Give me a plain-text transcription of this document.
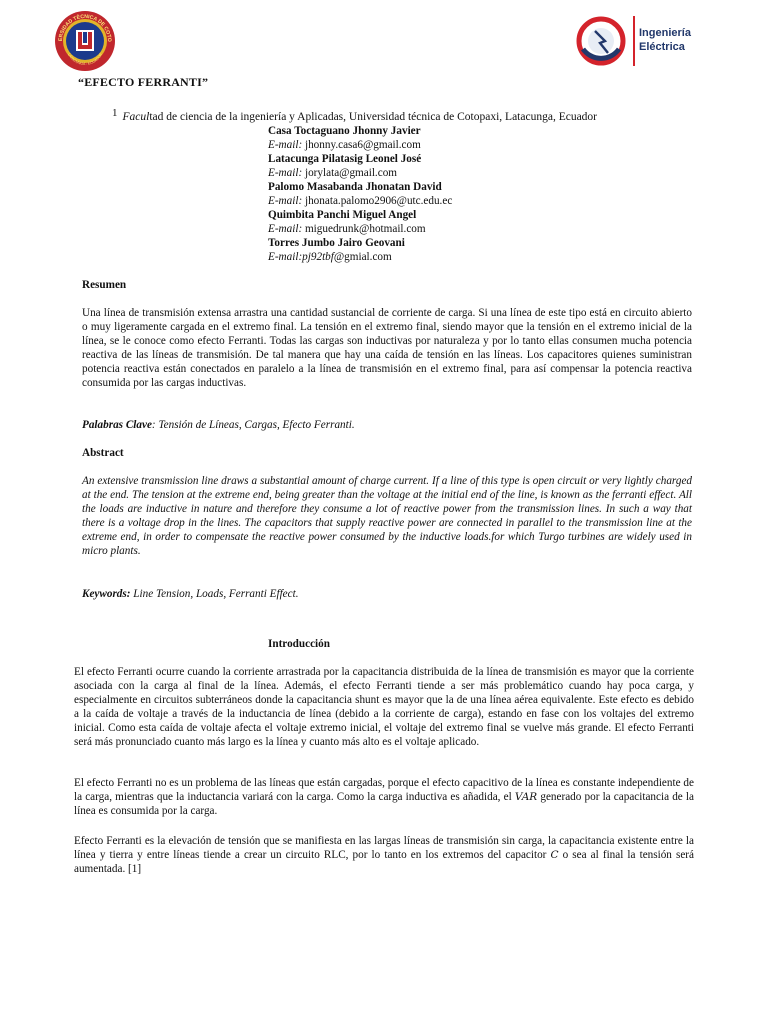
ERSIDAD TÉCNICA DE COTO
LATACUNGA - ECUADOR
Ingeniería
Eléctrica
“EFECTO FERRANTI”
$^1$ Facultad de ciencia de la ingeniería y Aplicadas, Universidad técnica de Cotopaxi, Latacunga, Ecuador
Casa Toctaguano Jhonny Javier
E-mail: jhonny.casa6@gmail.com
Latacunga Pilatasig Leonel José
E-mail: jorylata@gmail.com
Palomo Masabanda Jhonatan David
E-mail: jhonata.palomo2906@utc.edu.ec
Quimbita Panchi Miguel Angel
E-mail: miguedrunk@hotmail.com
Torres Jumbo Jairo Geovani
E-mail:pj92tbf@gmial.com
Resumen
Una línea de transmisión extensa arrastra una cantidad sustancial de corriente de carga. Si una línea de este tipo está en circuito abierto o muy ligeramente cargada en el extremo final. La tensión en el extremo final, siendo mayor que la tensión en el extremo inicial de la línea, se le conoce como efecto Ferranti. Todas las cargas son inductivas por naturaleza y por lo tanto ellas consumen mucha potencia reactiva de las líneas de transmisión. De tal manera que hay una caída de tensión en las líneas. Los capacitores quienes suministran potencia reactiva están conectados en paralelo a la línea de transmisión en el extremo final, para así compensar la potencia reactiva consumida por las cargas inductivas.
Palabras Clave: Tensión de Líneas, Cargas, Efecto Ferranti.
Abstract
An extensive transmission line draws a substantial amount of charge current. If a line of this type is open circuit or very lightly charged at the end. The tension at the extreme end, being greater than the voltage at the initial end of the line, is known as the ferranti effect. All the loads are inductive in nature and therefore they consume a lot of reactive power from the transmission lines. In such a way that there is a voltage drop in the lines. The capacitors that supply reactive power are connected in parallel to the transmission line at the extreme end, in order to compensate the reactive power consumed by the inductive loads.for which Turgo turbines are widely used in micro plants.
Keywords: Line Tension, Loads, Ferranti Effect.
Introducción
El efecto Ferranti ocurre cuando la corriente arrastrada por la capacitancia distribuida de la línea de transmisión es mayor que la corriente asociada con la carga al final de la línea. Además, el efecto Ferranti tiende a ser más problemático cuando hay poca carga, y especialmente en circuitos subterráneos donde la capacitancia shunt es mayor que la de una línea aérea equivalente. Este efecto es debido a la caída de voltaje a través de la inductancia de línea (debido a la corriente de carga), estando en fase con los voltajes del extremo inicial. Como esta caída de voltaje afecta el voltaje extremo inicial, el voltaje del extremo final se vuelve más grande. El efecto Ferranti será más pronunciado cuanto más largo es la línea y cuanto más alto es el voltaje aplicado.
El efecto Ferranti no es un problema de las líneas que están cargadas, porque el efecto capacitivo de la línea es constante independiente de la carga, mientras que la inductancia variará con la carga. Como la carga inductiva es añadida, el VAR generado por la capacitancia de la línea es consumida por la carga.
Efecto Ferranti es la elevación de tensión que se manifiesta en las largas líneas de transmisión sin carga, la capacitancia existente entre la línea y tierra y entre líneas tiende a crear un circuito RLC, por lo tanto en los extremos del capacitor C o sea al final la tensión será aumentada. [1]
